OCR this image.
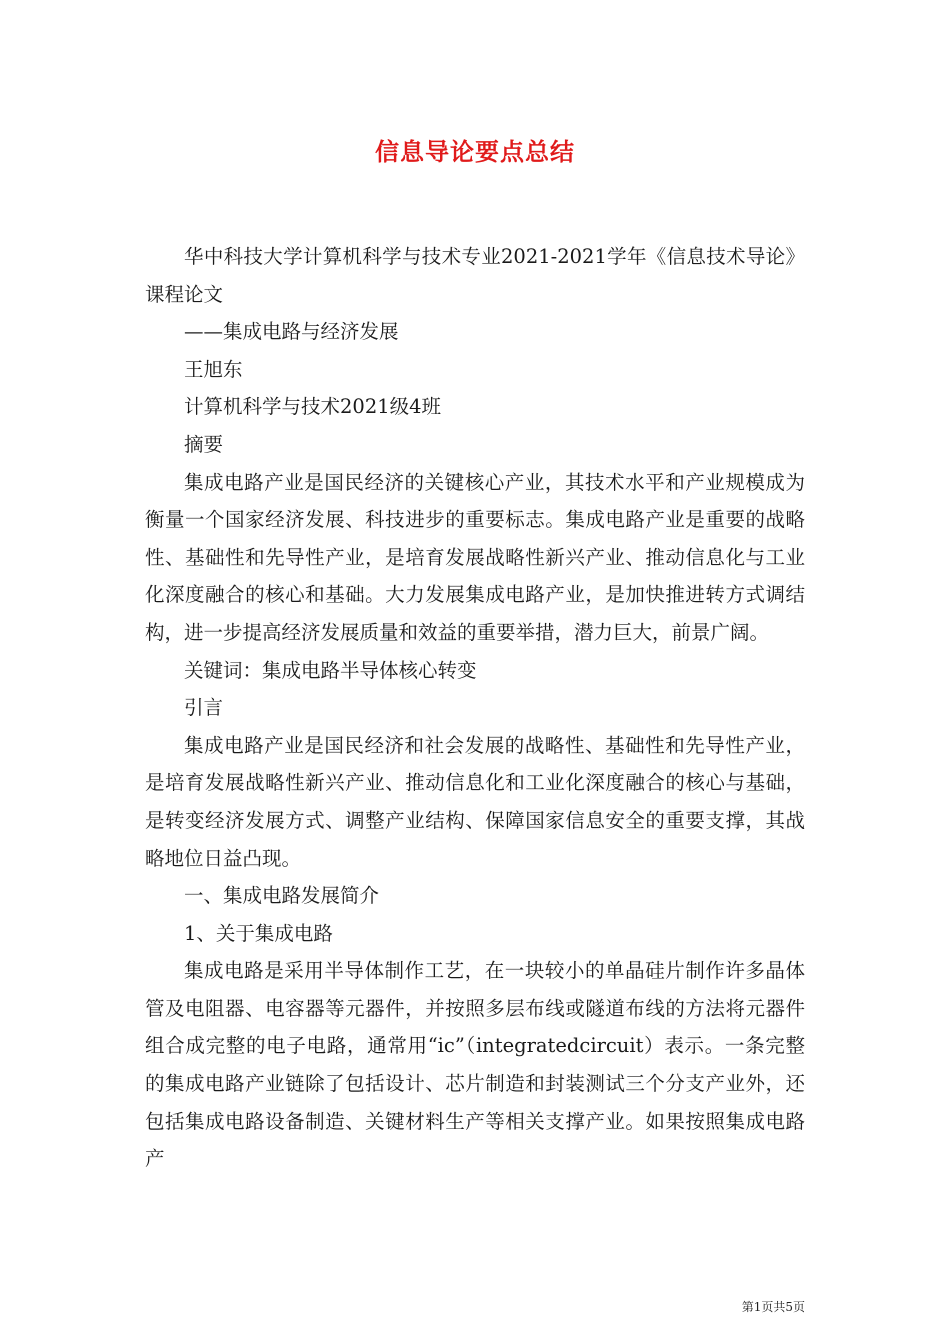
信息导论要点总结

华中科技大学计算机科学与技术专业2021-2021学年《信息技术导论》课程论文

——集成电路与经济发展

王旭东

计算机科学与技术2021级4班

摘要

集成电路产业是国民经济的关键核心产业，其技术水平和产业规模成为衡量一个国家经济发展、科技进步的重要标志。集成电路产业是重要的战略性、基础性和先导性产业，是培育发展战略性新兴产业、推动信息化与工业化深度融合的核心和基础。大力发展集成电路产业，是加快推进转方式调结构，进一步提高经济发展质量和效益的重要举措，潜力巨大，前景广阔。

关键词：集成电路半导体核心转变

引言

集成电路产业是国民经济和社会发展的战略性、基础性和先导性产业，是培育发展战略性新兴产业、推动信息化和工业化深度融合的核心与基础，是转变经济发展方式、调整产业结构、保障国家信息安全的重要支撑，其战略地位日益凸现。

一、集成电路发展简介

1、关于集成电路

集成电路是采用半导体制作工艺，在一块较小的单晶硅片制作许多晶体管及电阻器、电容器等元器件，并按照多层布线或隧道布线的方法将元器件组合成完整的电子电路，通常用“ic”（integratedcircuit）表示。一条完整的集成电路产业链除了包括设计、芯片制造和封装测试三个分支产业外，还包括集成电路设备制造、关键材料生产等相关支撑产业。如果按照集成电路产

第1页共5页
